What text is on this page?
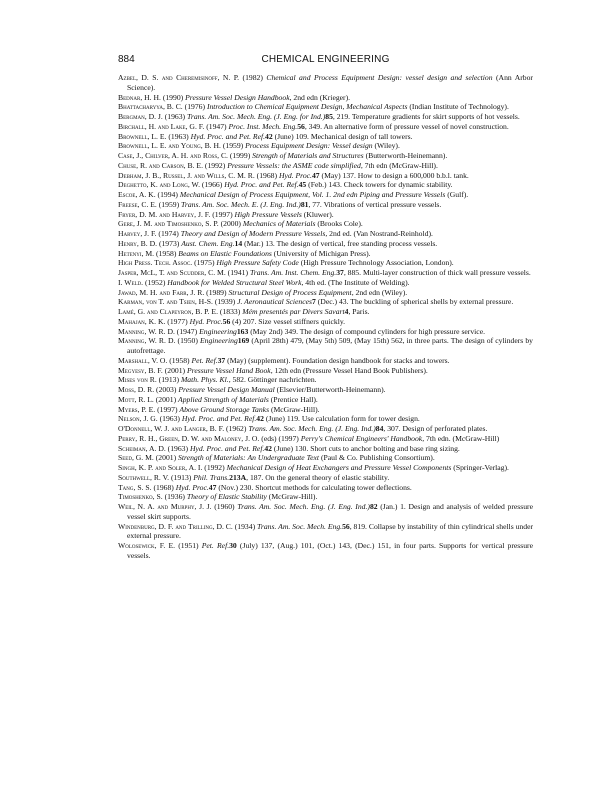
884	CHEMICAL ENGINEERING

Azbel, D. S. and Cheremisinoff, N. P. (1982) Chemical and Process Equipment Design: vessel design and selection (Ann Arbor Science).

Bednar, H. H. (1990) Pressure Vessel Design Handbook, 2nd edn (Krieger).

Bhattacharyya, B. C. (1976) Introduction to Chemical Equipment Design, Mechanical Aspects (Indian Institute of Technology).

Bergman, D. J. (1963) Trans. Am. Soc. Mech. Eng. (J. Eng. for Ind.)85, 219. Temperature gradients for skirt supports of hot vessels.

Birchall, H. and Lake, G. F. (1947) Proc. Inst. Mech. Eng.56, 349. An alternative form of pressure vessel of novel construction.

Brownell, L. E. (1963) Hyd. Proc. and Pet. Ref.42 (June) 109. Mechanical design of tall towers.

Brownell, L. E. and Young, B. H. (1959) Process Equipment Design: Vessel design (Wiley).

Case, J., Chilver, A. H. and Ross, C. (1999) Strength of Materials and Structures (Butterworth-Heinemann).

Chuse, R. and Carson, B. E. (1992) Pressure Vessels: the ASME code simplified, 7th edn (McGraw-Hill).

Debham, J. B., Russel, J. and Wills, C. M. R. (1968) Hyd. Proc.47 (May) 137. How to design a 600,000 b.b.l. tank.

Deghetto, K. and Long, W. (1966) Hyd. Proc. and Pet. Ref.45 (Feb.) 143. Check towers for dynamic stability.

Escoe, A. K. (1994) Mechanical Design of Process Equipment, Vol. 1. 2nd edn Piping and Pressure Vessels (Gulf).

Freese, C. E. (1959) Trans. Am. Soc. Mech. E. (J. Eng. Ind.)81, 77. Vibrations of vertical pressure vessels.

Fryer, D. M. and Harvey, J. F. (1997) High Pressure Vessels (Kluwer).

Gere, J. M. and Timoshenko, S. P. (2000) Mechanics of Materials (Brooks Cole).

Harvey, J. F. (1974) Theory and Design of Modern Pressure Vessels, 2nd ed. (Van Nostrand-Reinhold).

Henry, B. D. (1973) Aust. Chem. Eng.14 (Mar.) 13. The design of vertical, free standing process vessels.

Hetenyi, M. (1958) Beams on Elastic Foundations (University of Michigan Press).

High Press. Tech. Assoc. (1975) High Pressure Safety Code (High Pressure Technology Association, London).

Jasper, McL, T. and Scudder, C. M. (1941) Trans. Am. Inst. Chem. Eng.37, 885. Multi-layer construction of thick wall pressure vessels.

I. Weld. (1952) Handbook for Welded Structural Steel Work, 4th ed. (The Institute of Welding).

Jawad, M. H. and Farr, J. R. (1989) Structural Design of Process Equipment, 2nd edn (Wiley).

Karman, von T. and Tsien, H-S. (1939) J. Aeronautical Sciences7 (Dec.) 43. The buckling of spherical shells by external pressure.

Lamé, G. and Clapeyron, B. P. E. (1833) Mém presentés par Divers Savart4, Paris.

Mahajan, K. K. (1977) Hyd. Proc.56 (4) 207. Size vessel stiffners quickly.

Manning, W. R. D. (1947) Engineering163 (May 2nd) 349. The design of compound cylinders for high pressure service.

Manning, W. R. D. (1950) Engineering169 (April 28th) 479, (May 5th) 509, (May 15th) 562, in three parts. The design of cylinders by autofrettage.

Marshall, V. O. (1958) Pet. Ref.37 (May) (supplement). Foundation design handbook for stacks and towers.

Megyesy, B. F. (2001) Pressure Vessel Hand Book, 12th edn (Pressure Vessel Hand Book Publishers).

Mises von R. (1913) Math. Phys. Kl., 582. Göttinger nachrichten.

Moss, D. R. (2003) Pressure Vessel Design Manual (Elsevier/Butterworth-Heinemann).

Mott, R. L. (2001) Applied Strength of Materials (Prentice Hall).

Myers, P. E. (1997) Above Ground Storage Tanks (McGraw-Hill).

Nelson, J. G. (1963) Hyd. Proc. and Pet. Ref.42 (June) 119. Use calculation form for tower design.

O'Donnell, W. J. and Langer, B. F. (1962) Trans. Am. Soc. Mech. Eng. (J. Eng. Ind.)84, 307. Design of perforated plates.

Perry, R. H., Green, D. W. and Maloney, J. O. (eds) (1997) Perry's Chemical Engineers' Handbook, 7th edn. (McGraw-Hill)

Scheiman, A. D. (1963) Hyd. Proc. and Pet. Ref.42 (June) 130. Short cuts to anchor bolting and base ring sizing.

Seed, G. M. (2001) Strength of Materials: An Undergraduate Text (Paul & Co. Publishing Consortium).

Singh, K. P. and Soler, A. I. (1992) Mechanical Design of Heat Exchangers and Pressure Vessel Components (Springer-Verlag).

Southwell, R. V. (1913) Phil. Trans.213A, 187. On the general theory of elastic stability.

Tang, S. S. (1968) Hyd. Proc.47 (Nov.) 230. Shortcut methods for calculating tower deflections.

Timoshenko, S. (1936) Theory of Elastic Stability (McGraw-Hill).

Weil, N. A. and Murphy, J. J. (1960) Trans. Am. Soc. Mech. Eng. (J. Eng. Ind.)82 (Jan.) 1. Design and analysis of welded pressure vessel skirt supports.

Windenburg, D. F. and Trilling, D. C. (1934) Trans. Am. Soc. Mech. Eng.56, 819. Collapse by instability of thin cylindrical shells under external pressure.

Wolosewick, F. E. (1951) Pet. Ref.30 (July) 137, (Aug.) 101, (Oct.) 143, (Dec.) 151, in four parts. Supports for vertical pressure vessels.
